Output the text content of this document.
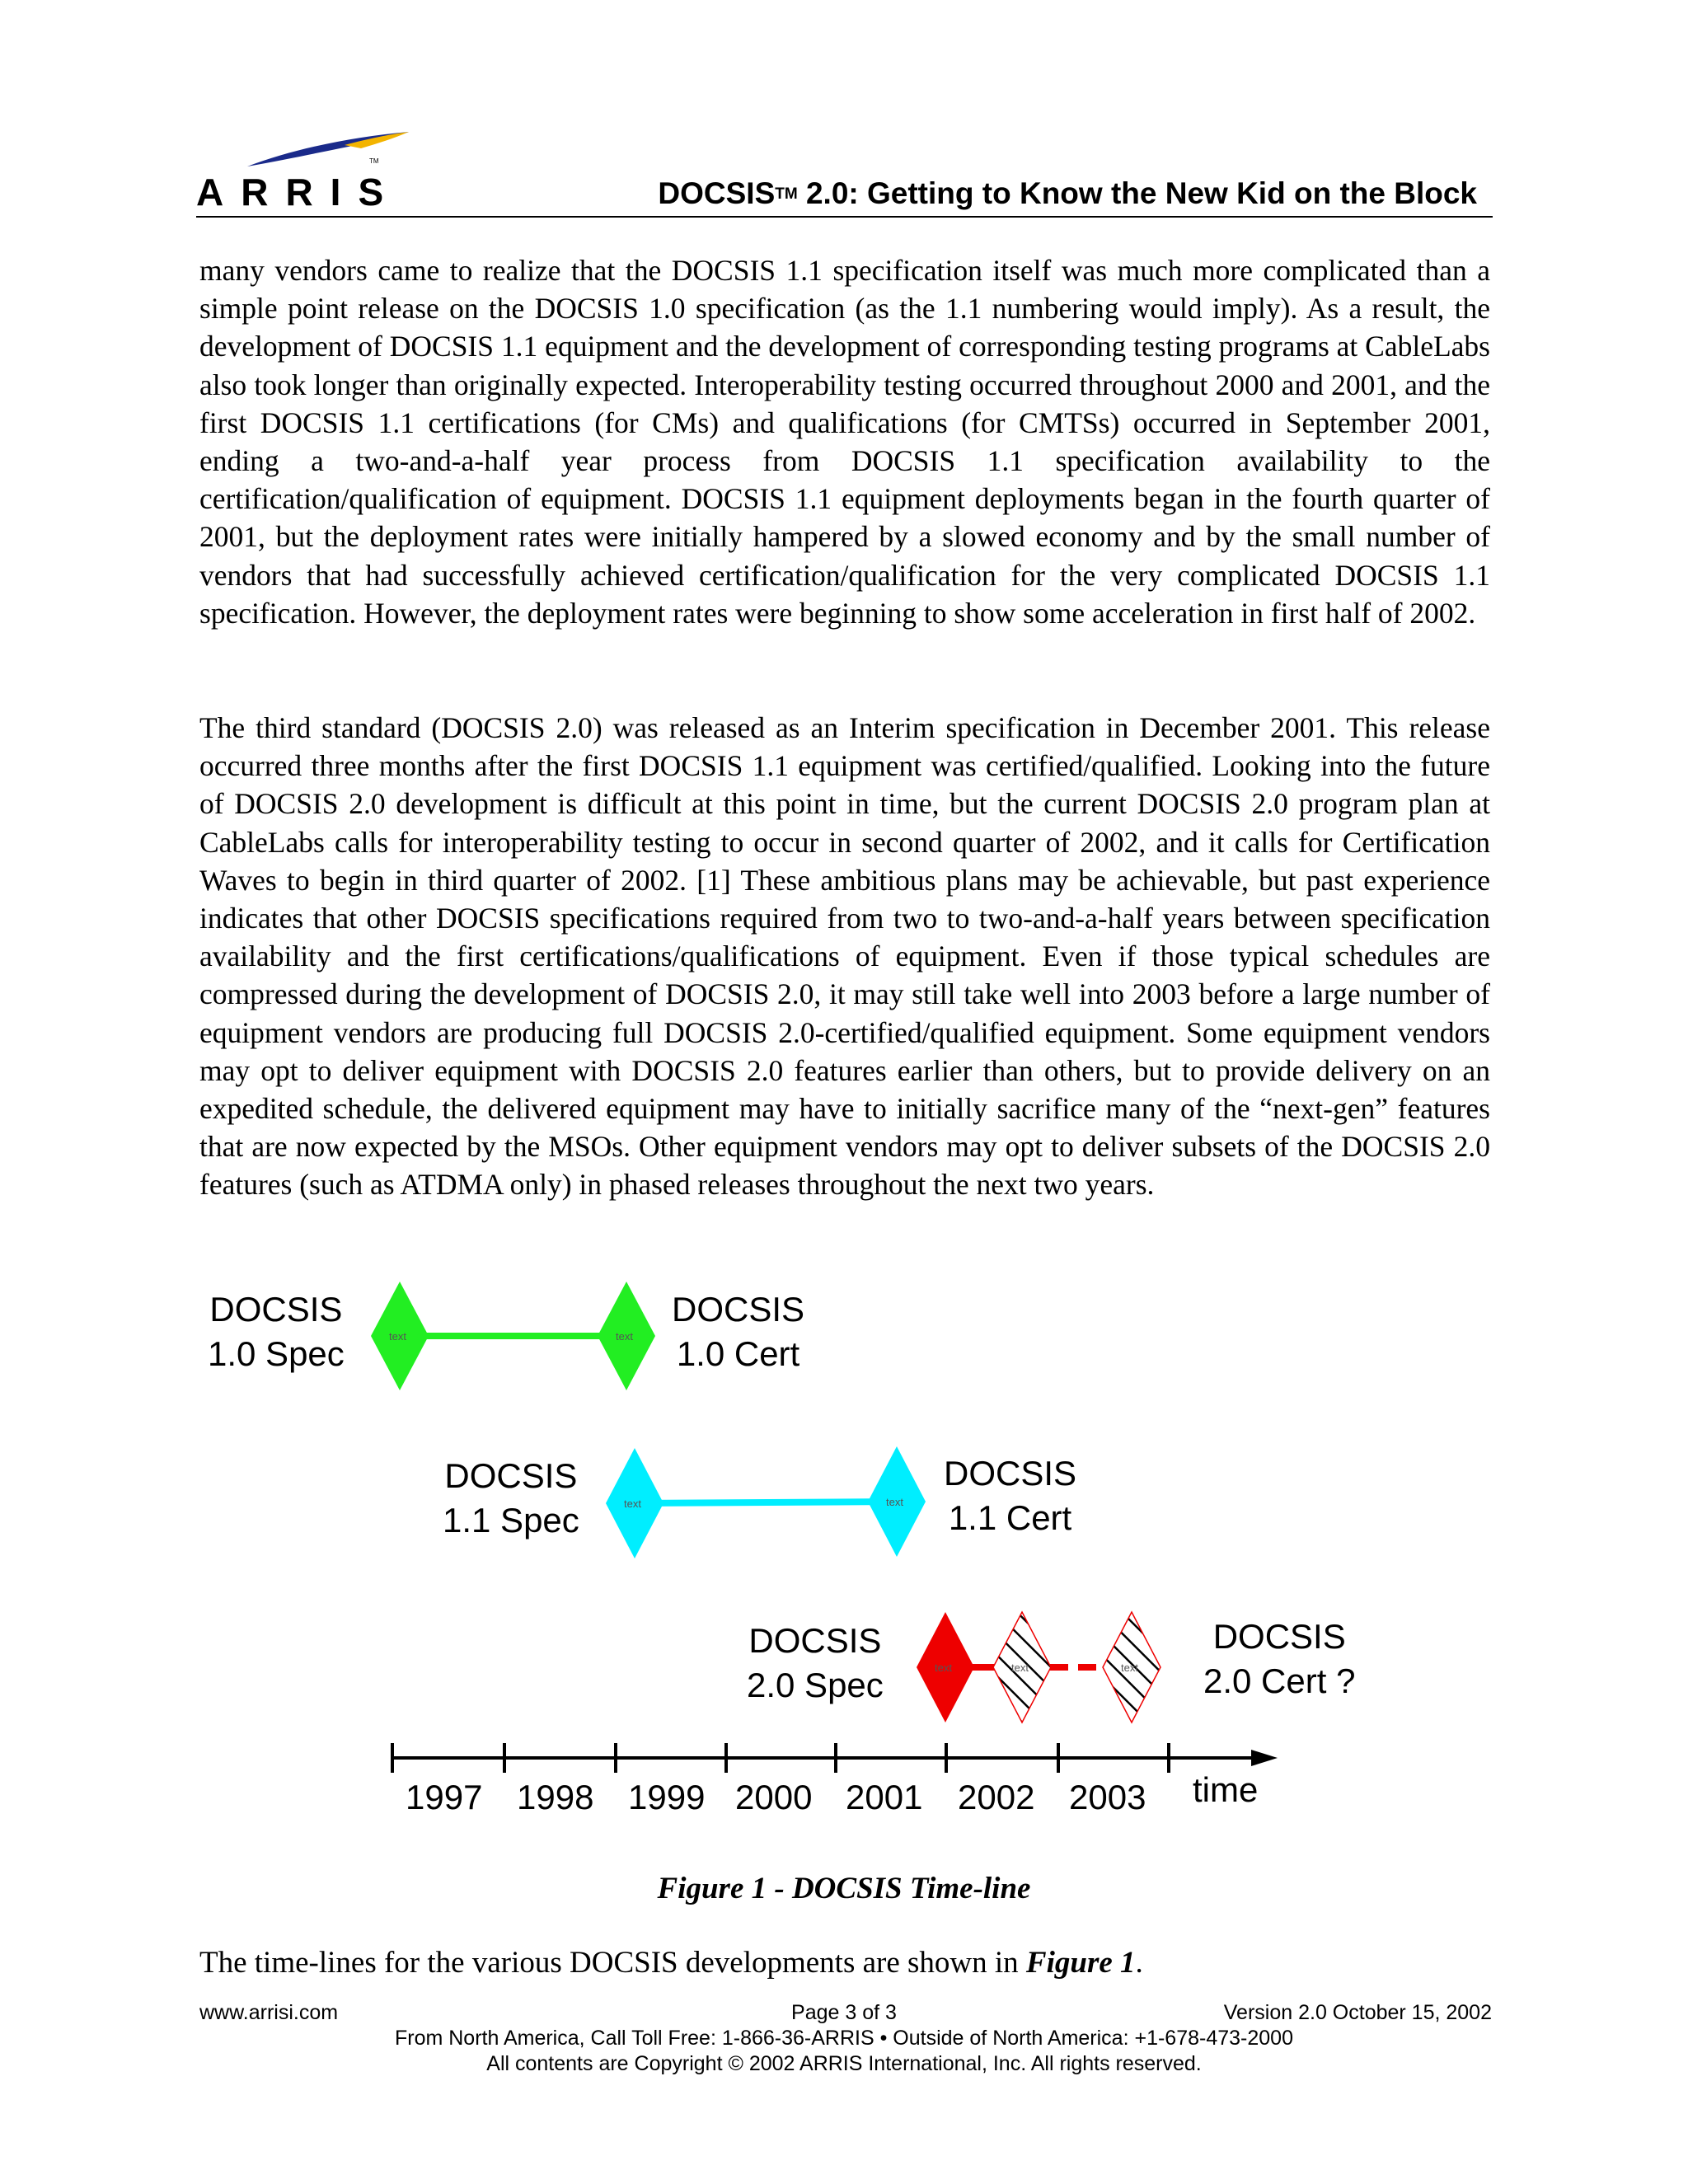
TM
ARRIS	DOCSIS™ 2.0: Getting to Know the New Kid on the Block
many vendors came to realize that the DOCSIS 1.1 specification itself was much more complicated than a simple point release on the DOCSIS 1.0 specification (as the 1.1 numbering would imply). As a result, the development of DOCSIS 1.1 equipment and the development of corresponding testing programs at CableLabs also took longer than originally expected. Interoperability testing occurred throughout 2000 and 2001, and the first DOCSIS 1.1 certifications (for CMs) and qualifications (for CMTSs) occurred in September 2001, ending a two-and-a-half year process from DOCSIS 1.1 specification availability to the certification/qualification of equipment. DOCSIS 1.1 equipment deployments began in the fourth quarter of 2001, but the deployment rates were initially hampered by a slowed economy and by the small number of vendors that had successfully achieved certification/qualification for the very complicated DOCSIS 1.1 specification. However, the deployment rates were beginning to show some acceleration in first half of 2002.
The third standard (DOCSIS 2.0) was released as an Interim specification in December 2001. This release occurred three months after the first DOCSIS 1.1 equipment was certified/qualified. Looking into the future of DOCSIS 2.0 development is difficult at this point in time, but the current DOCSIS 2.0 program plan at CableLabs calls for interoperability testing to occur in second quarter of 2002, and it calls for Certification Waves to begin in third quarter of 2002. [1] These ambitious plans may be achievable, but past experience indicates that other DOCSIS specifications required from two to two-and-a-half years between specification availability and the first certifications/qualifications of equipment. Even if those typical schedules are compressed during the development of DOCSIS 2.0, it may still take well into 2003 before a large number of equipment vendors are producing full DOCSIS 2.0-certified/qualified equipment. Some equipment vendors may opt to deliver equipment with DOCSIS 2.0 features earlier than others, but to provide delivery on an expedited schedule, the delivered equipment may have to initially sacrifice many of the “next-gen” features that are now expected by the MSOs. Other equipment vendors may opt to deliver subsets of the DOCSIS 2.0 features (such as ATDMA only) in phased releases throughout the next two years.
text	text
text	text
text	text	text
DOCSIS
1.0 Spec
DOCSIS
1.0 Cert
DOCSIS
1.1 Spec
DOCSIS
1.1 Cert
DOCSIS
2.0 Spec
DOCSIS
2.0 Cert ?
1997 1998 1999 2000 2001 2002 2003 time
Figure 1 - DOCSIS Time-line
The time-lines for the various DOCSIS developments are shown in Figure 1.
www.arrisi.com	Page 3 of 3	Version 2.0 October 15, 2002
From North America, Call Toll Free: 1-866-36-ARRIS • Outside of North America: +1-678-473-2000
All contents are Copyright © 2002 ARRIS International, Inc. All rights reserved.
